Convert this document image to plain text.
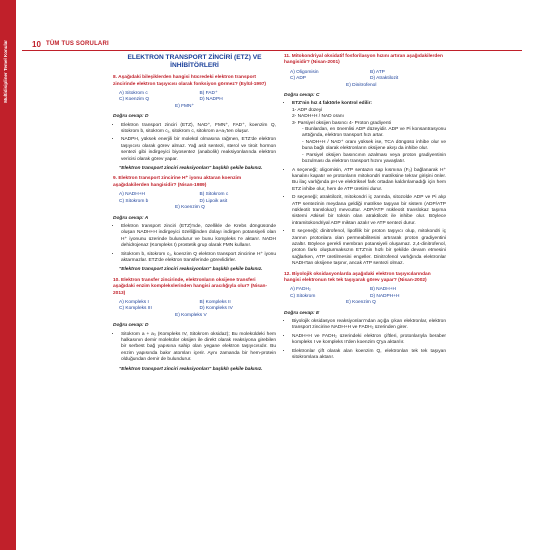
Multidisipliner Temel Konular	10 TÜM TUS SORULARI
ELEKTRON TRANSPORT ZİNCİRİ (ETZ) VE İNHİBİTÖRLERİ

8. Aşağıdaki bileşiklerden hangisi hücredeki elektron transport zincirinde elektron taşıyıcısı olarak fonksiyon görmez? (Eylül-1997)

A) Sitokrom c	B) FAD⁺
C) Koenzim Q	D) NADPH
E) FMN⁺

Doğru cevap: D

• Elektron transport zinciri (ETZ), NAD⁺, FMN⁺, FAD⁺, koenzim Q, sitokrom b, sitokrom c₁, sitokrom c, sitokrom a+a₃'ten oluşur.
• NADPH, yüksek enerjili bir molekül olmasına rağmen, ETZ'de elektron taşıyıcısı olarak görev almaz. Yağ asit sentezi, sterol ve tiroit hormon sentezi gibi indirgeyici biyosentez (anabolik) reaksiyonlarında elektron vericisi olarak görev yapar.

"Elektron transport zinciri reaksiyonları" başlıklı şekile bakınız.

9. Elektron transport zincirine H⁺ iyonu aktaran koenzim aşağıdakilerden hangisidir? (Nisan-1989)

A) NADH+H	B) Sitokrom c
C) Sitokrom b	D) Lipoik asit
E) Koenzim Q

Doğru cevap: A

• Elektron transport zinciri (ETZ)'nde, özellikle de Krebs döngüsünde oluşan NADH+H indirgeyici özelliğinden dolayı indirgen potansiyeli olan H⁺ iyonunu üzerinde bulundurur ve bunu kompleks I'e aktarır. NADH dehidrojenaz (Kompleks I) prostetik grup olarak FMN kullanır.
• Sitokrom b, sitokrom c₁, koenzim Q elektron transport zincirine H⁺ iyonu aktarmazlar. ETZ'de elektron transferinde görevlidirler.

"Elektron transport zinciri reaksiyonları" başlıklı şekile bakınız.

10. Elektron transfer zincirinde, elektronların oksijene transferi aşağıdaki enzim komplekslerinden hangisi aracılığıyla olur? (Nisan-2013)

A) Kompleks I	B) Kompleks II
C) Kompleks III	D) Kompleks IV
E) Kompleks V

Doğru cevap: D

• Sitokrom a + a₃ (Kompleks IV, Sitokrom oksidaz); Bu moleküldeki hem halkasının demir molekülər oksijen ile direkt olarak reaksiyona girebilen bir serbest bağ yapısına sahip olan yegane elektron taşıyıcısıdır. Bu enzim yapısında bakır atomları içerir. Aynı zamanda bir hem-protein olduğundan demir de bulundurur.

"Elektron transport zinciri reaksiyonları" başlıklı şekile bakınız.

11. Mitokondriyal oksidatif fosforilasyon hızını artıran aşağıdakilerden hangisidir? (Nisan-2001)

A) Oligomisin	B) ATP
C) ADP	D) Atraktilozit
E) Dinitrofenol

Doğru cevap: C

• ETZ'nin hız 4 faktörle kontrol edilir:
1- ADP düzeyi
2- NADH+H / NAD oranı
3- Parsiyel oksijen basıncı 4- Proton gradiyenti
- Bunlardan, en önemlisi ADP düzeyidir. ADP ve Pi konsantrasyonu arttığında, elektron transport hızı artar.
- NADH+H / NAD⁺ oranı yüksek ise, TCA döngüsü inhibe olur ve buna bağlı olarak elektronların oksijene akışı da inhibe olur.
- Parsiyel oksijen basıncının azalması veya proton gradiyentinin bozulması da elektron transport hızını yavaşlatır.
• A seçeneği; oligomisin, ATP sentazın sap kısmına (F₀) bağlanarak H⁺ kanalını kapatır ve protonların mitokondri matriksine tekrar girişini önler. Bu ilaç varlığında pH ve elektriksel fark ortadan kaldırılamadığı için hem ETZ inhibe olur, hem de ATP üretimi durur.
• D seçeneği; atraktilozit, mitokondri iç zarında, sitozolde ADP ve Pi alıp ATP sentezinin meydana geldiği matrikse taşıyan bir sistem (ADP/ATP nükleotit translokaz) mevcuttur. ADP/ATP nükleotit translokaz taşıma sistemi Atkisel bir toksin olan atraktilozit ile inhibe olur. Böylece intramitokondriyal ADP miktarı azalır ve ATP sentezi durur.
• E seçeneği; dinitrofenol, lipofilik bir proton taşıyıcı olup, mitokondri iç zarının protonlara olan permeabilitesini artırarak proton gradiyentini azaltır. Böylece gerekli membran potansiyeli oluşamaz. 2,4-dinitrofenol, proton farkı oluşturmaksızın ETZ'nin hızlı bir şekilde devam etmesini sağlarken, ATP üretilmesini engeller. Dinitrofenol varlığında elektronlar NADH'tan oksijene taşınır, ancak ATP sentezi olmaz.

12. Biyolojik oksidasyonlarda aşağıdaki elektron taşıyıcılarından hangisi elektronun tek tek taşıyarak görev yapar? (Nisan-2002)

A) FADH₂	B) NADH+H
C) Sitokrom	D) NADPH+H
E) Koenzim Q

Doğru cevap: E

• Biyolojik oksidasyon reaksiyonları'ndan açığa çıkan elektronlar, elektron transport zincirine NADH+H ve FADH₂ üzerinden girer.
• NADH+H ve FADH₂ üzerindeki elektron çiftleri, protonlarıyla beraber kompleks I ve kompleks II'den koenzim Q'ya aktarılır.
• Elektronlar çift olarak alan koenzim Q, elektronları tek tek taşıyan sitokromlara aktarır.
